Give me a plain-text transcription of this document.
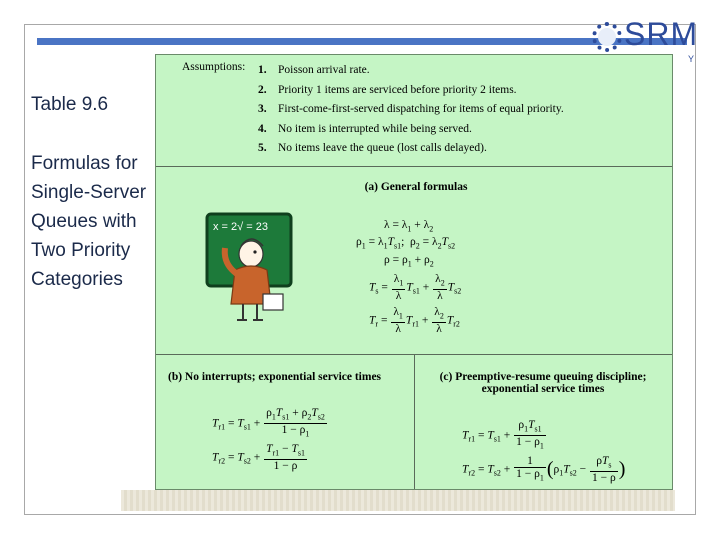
SRM
Y
Table 9.6
Formulas for Single-Server Queues with Two Priority Categories
Assumptions: 1. Poisson arrival rate.
2. Priority 1 items are serviced before priority 2 items.
3. First-come-first-served dispatching for items of equal priority.
4. No item is interrupted while being served.
5. No items leave the queue (lost calls delayed).
(a) General formulas
$\lambda = \lambda_1 + \lambda_2$
$\rho_1 = \lambda_1T_{s1}$;  $\rho_2 = \lambda_2T_{s2}$
$\rho = \rho_1 + \rho_2$
$T_s = \frac{\lambda_1}{\lambda} T_{s1} + \frac{\lambda_2}{\lambda} T_{s2}$
$T_r = \frac{\lambda_1}{\lambda} T_{r1} + \frac{\lambda_2}{\lambda} T_{r2}$
(b) No interrupts; exponential service times
$T_{r1} = T_{s1} + \frac{\rho_1T_{s1} + \rho_2T_{s2}}{1 - \rho_1}$
$T_{r2} = T_{s2} + \frac{T_{r1} - T_{s1}}{1 - \rho}$
(c) Preemptive-resume queuing discipline; exponential service times
$T_{r1} = T_{s1} + \frac{\rho_1T_{s1}}{1 - \rho_1}$
$T_{r2} = T_{s2} + \frac{1}{1 - \rho_1} (\rho_1T_{s2} - \frac{\rho T_s}{1 - \rho}$ )
x = 2√ = 23
